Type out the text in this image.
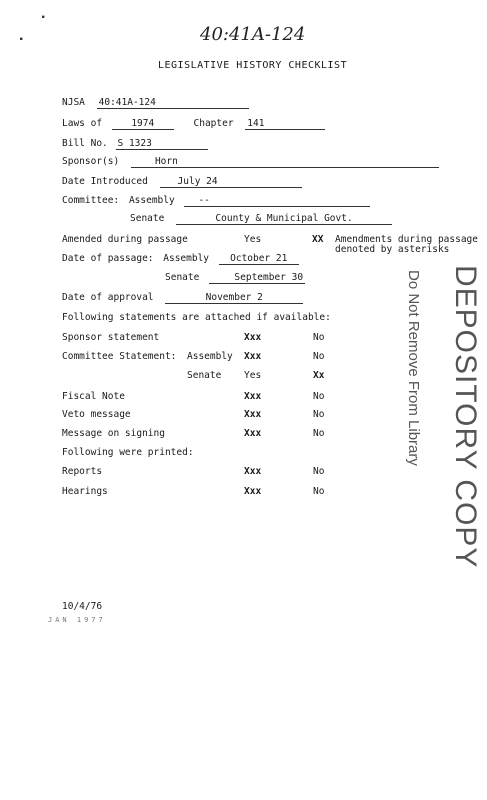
■
■	40:41A-124
LEGISLATIVE HISTORY CHECKLIST
NJSA 40:41A-124
Laws of	1974	Chapter 141
Bill No. S 1323
Sponsor(s)	Horn
Date Introduced	July 24
Committee: Assembly --
Senate	County & Municipal Govt.
Amended during passage	Yes	XX Amendments during passage
denoted by asterisks
Date of passage: Assembly October 21
Senate	September 30
Date of approval	November 2
Following statements are attached if available:
Sponsor statement	Xxx	No
Committee Statement: Assembly Xxx	No
Senate Yes	Xx
Fiscal Note	Xxx	No
Veto message	Xxx	No
Message on signing	Xxx	No
Following were printed:
Reports	Xxx	No
Hearings	Xxx	No	DEPOSITORY COPY
Do Not Remove From Library
10/4/76
JAN 1977
